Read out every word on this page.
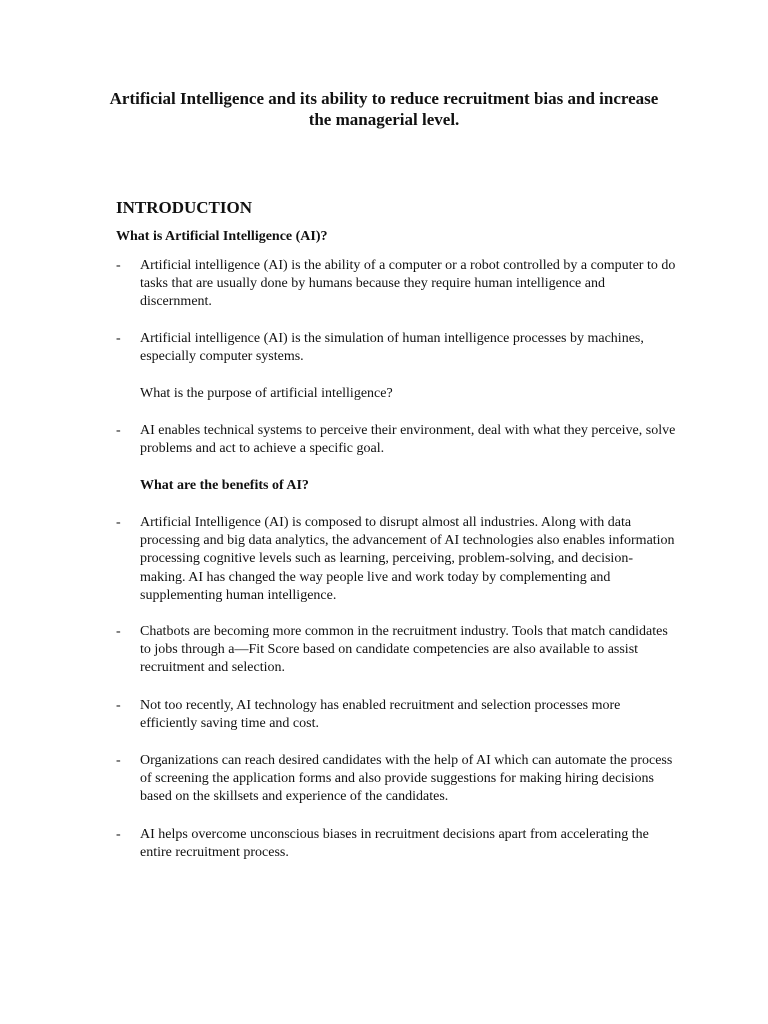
Artificial Intelligence and its ability to reduce recruitment bias and increase the managerial level.
INTRODUCTION
What is Artificial Intelligence (AI)?
- Artificial intelligence (AI) is the ability of a computer or a robot controlled by a computer to do tasks that are usually done by humans because they require human intelligence and discernment.
- Artificial intelligence (AI) is the simulation of human intelligence processes by machines, especially computer systems.
What is the purpose of artificial intelligence?
- AI enables technical systems to perceive their environment, deal with what they perceive, solve problems and act to achieve a specific goal.
What are the benefits of AI?
- Artificial Intelligence (AI) is composed to disrupt almost all industries. Along with data processing and big data analytics, the advancement of AI technologies also enables information processing cognitive levels such as learning, perceiving, problem-solving, and decision-making. AI has changed the way people live and work today by complementing and supplementing human intelligence.
- Chatbots are becoming more common in the recruitment industry. Tools that match candidates to jobs through a—Fit Score based on candidate competencies are also available to assist recruitment and selection.
- Not too recently, AI technology has enabled recruitment and selection processes more efficiently saving time and cost.
- Organizations can reach desired candidates with the help of AI which can automate the process of screening the application forms and also provide suggestions for making hiring decisions based on the skillsets and experience of the candidates.
- AI helps overcome unconscious biases in recruitment decisions apart from accelerating the entire recruitment process.
